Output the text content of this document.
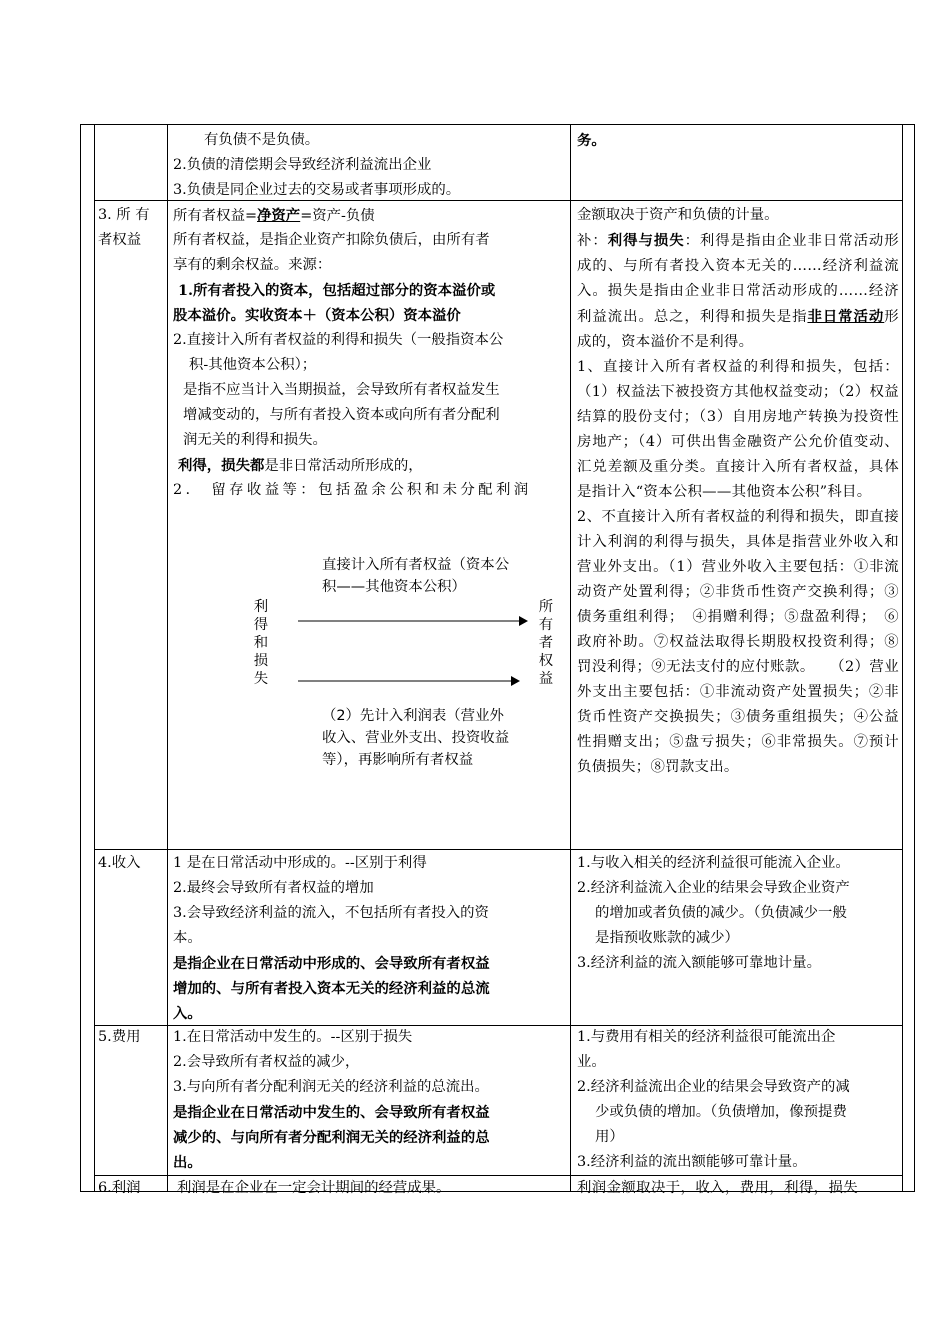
有负债不是负债。
2.负债的清偿期会导致经济利益流出企业
3.负债是同企业过去的交易或者事项形成的。
务。
3. 所 有
者权益
所有者权益=净资产=资产-负债
所有者权益，是指企业资产扣除负债后，由所有者
享有的剩余权益。来源：
1.所有者投入的资本，包括超过部分的资本溢价或
股本溢价。实收资本＋（资本公积）资本溢价
2.直接计入所有者权益的利得和损失（一般指资本公
积-其他资本公积）；
是指不应当计入当期损益，会导致所有者权益发生
增减变动的，与所有者投入资本或向所有者分配利
润无关的利得和损失。
利得，损失都是非日常活动所形成的，
2.　留存收益等：包括盈余公积和未分配利润
利得和损失
所有者权益
直接计入所有者权益（资本公积——其他资本公积）
（2）先计入利润表（营业外收入、营业外支出、投资收益等），再影响所有者权益
金额取决于资产和负债的计量。
补：利得与损失：利得是指由企业非日常活动形成的、与所有者投入资本无关的……经济利益流入。损失是指由企业非日常活动形成的……经济利益流出。总之，利得和损失是指非日常活动形成的，资本溢价不是利得。
1、直接计入所有者权益的利得和损失，包括：（1）权益法下被投资方其他权益变动；（2）权益结算的股份支付；（3）自用房地产转换为投资性房地产；（4）可供出售金融资产公允价值变动、汇兑差额及重分类。直接计入所有者权益，具体是指计入“资本公积——其他资本公积”科目。
2、不直接计入所有者权益的利得和损失，即直接计入利润的利得与损失，具体是指营业外收入和营业外支出。（1）营业外收入主要包括：①非流动资产处置利得；②非货币性资产交换利得；③债务重组利得；　④捐赠利得；⑤盘盈利得；　⑥政府补助。⑦权益法取得长期股权投资利得；⑧罚没利得；⑨无法支付的应付账款。　　（2）营业外支出主要包括：①非流动资产处置损失；②非货币性资产交换损失；③债务重组损失；④公益性捐赠支出；⑤盘亏损失；⑥非常损失。⑦预计负债损失；⑧罚款支出。
4.收入 1 是在日常活动中形成的。--区别于利得
2.最终会导致所有者权益的增加
3.会导致经济利益的流入，不包括所有者投入的资
本。
是指企业在日常活动中形成的、会导致所有者权益
增加的、与所有者投入资本无关的经济利益的总流
入。
1.与收入相关的经济利益很可能流入企业。
2.经济利益流入企业的结果会导致企业资产
的增加或者负债的减少。（负债减少一般
是指预收账款的减少）
3.经济利益的流入额能够可靠地计量。
5.费用 1.在日常活动中发生的。--区别于损失
2.会导致所有者权益的减少，
3.与向所有者分配利润无关的经济利益的总流出。
是指企业在日常活动中发生的、会导致所有者权益
减少的、与向所有者分配利润无关的经济利益的总
出。
1.与费用有相关的经济利益很可能流出企
业。
2.经济利益流出企业的结果会导致资产的减
少或负债的增加。（负债增加，像预提费
用）
3.经济利益的流出额能够可靠计量。
6.利润	利润是在企业在一定会计期间的经营成果。	利润金额取决于，收入，费用，利得，损失
